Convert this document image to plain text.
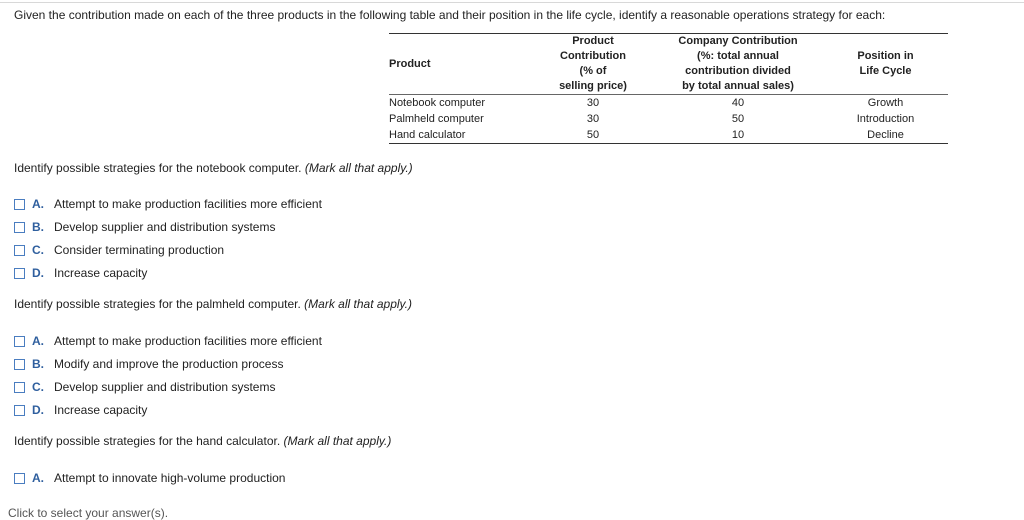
Given the contribution made on each of the three products in the following table and their position in the life cycle, identify a reasonable operations strategy for each:
Product	Product
Contribution
(% of
selling price)	Company Contribution
(%: total annual
contribution divided
by total annual sales)	Position in
Life Cycle
Notebook computer	30	40	Growth
Palmheld computer	30	50	Introduction
Hand calculator	50	10	Decline
Identify possible strategies for the notebook computer. (Mark all that apply.)
A. Attempt to make production facilities more efficient
B. Develop supplier and distribution systems
C. Consider terminating production
D. Increase capacity
Identify possible strategies for the palmheld computer. (Mark all that apply.)
A. Attempt to make production facilities more efficient
B. Modify and improve the production process
C. Develop supplier and distribution systems
D. Increase capacity
Identify possible strategies for the hand calculator. (Mark all that apply.)
A. Attempt to innovate high-volume production
Click to select your answer(s).
